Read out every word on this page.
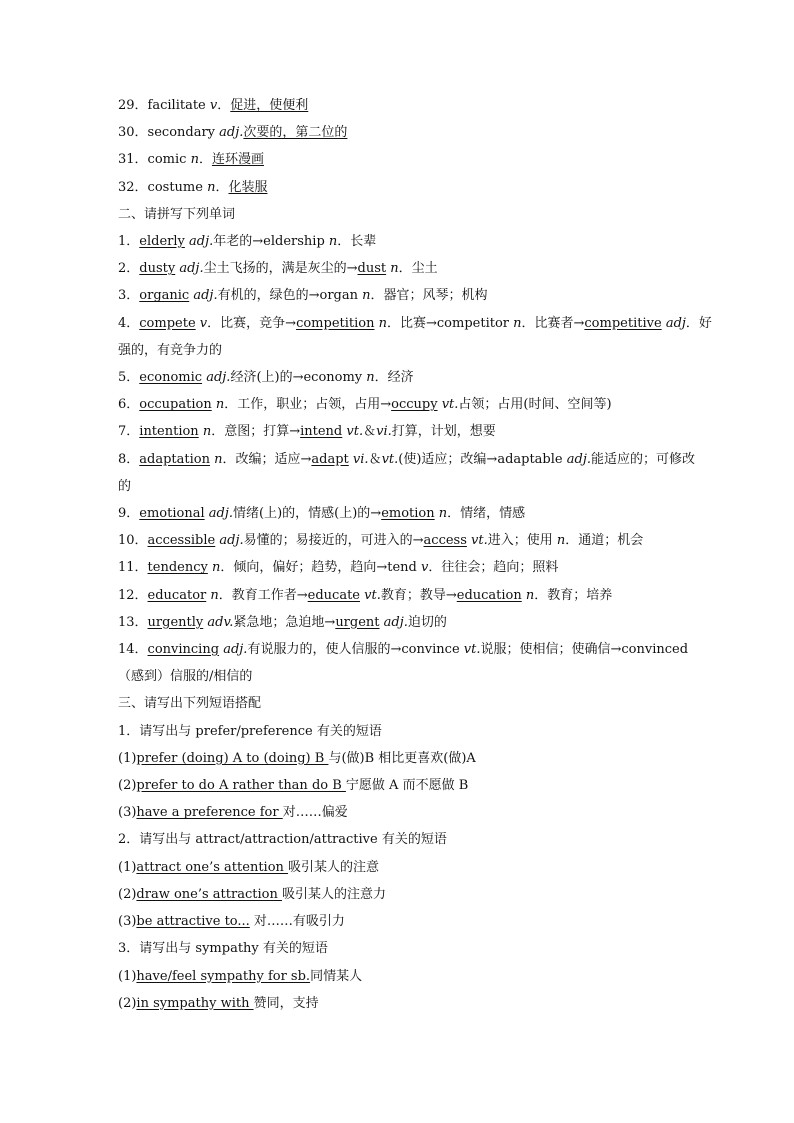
29．facilitate v．促进，使便利
30．secondary adj.次要的，第二位的
31．comic n．连环漫画
32．costume n．化装服
二、请拼写下列单词
1．elderly adj.年老的→eldership n．长辈
2．dusty adj.尘土飞扬的，满是灰尘的→dust n．尘土
3．organic adj.有机的，绿色的→organ n．器官；风琴；机构
4．compete v．比赛，竞争→competition n．比赛→competitor n．比赛者→competitive adj．好
强的，有竞争力的
5．economic adj.经济(上)的→economy n．经济
6．occupation n．工作，职业；占领，占用→occupy vt.占领；占用(时间、空间等)
7．intention n．意图；打算→intend vt.＆vi.打算，计划，想要
8．adaptation n．改编；适应→adapt vi.＆vt.(使)适应；改编→adaptable adj.能适应的；可修改
的
9．emotional adj.情绪(上)的，情感(上)的→emotion n．情绪，情感
10．accessible adj.易懂的；易接近的，可进入的→access vt.进入；使用 n．通道；机会
11．tendency n．倾向，偏好；趋势，趋向→tend v．往往会；趋向；照料
12．educator n．教育工作者→educate vt.教育；教导→education n．教育；培养
13．urgently adv.紧急地；急迫地→urgent adj.迫切的
14．convincing adj.有说服力的，使人信服的→convince vt.说服；使相信；使确信→convinced
（感到）信服的/相信的
三、请写出下列短语搭配
1．请写出与 prefer/preference 有关的短语
(1)prefer (doing) A to (doing) B 与(做)B 相比更喜欢(做)A
(2)prefer to do A rather than do B 宁愿做 A 而不愿做 B
(3)have a preference for 对……偏爱
2．请写出与 attract/attraction/attractive 有关的短语
(1)attract one’s attention 吸引某人的注意
(2)draw one’s attraction 吸引某人的注意力
(3)be attractive to... 对……有吸引力
3．请写出与 sympathy 有关的短语
(1)have/feel sympathy for sb.同情某人
(2)in sympathy with 赞同，支持
